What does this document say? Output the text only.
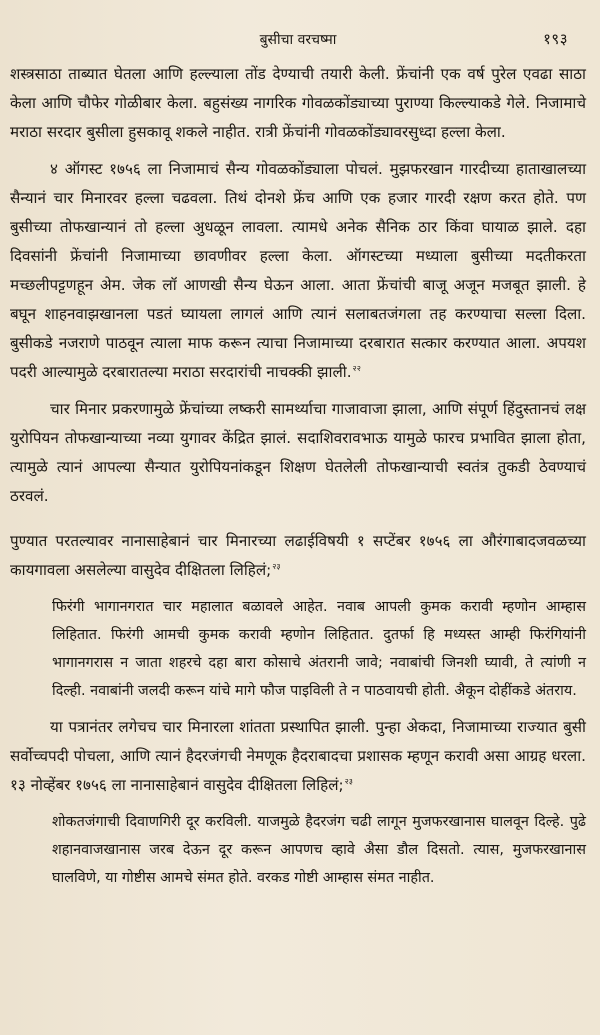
बुसीचा वरचष्मा	१९३

शस्त्रसाठा ताब्यात घेतला आणि हल्ल्याला तोंड देण्याची तयारी केली. फ्रेंचांनी एक वर्ष पुरेल एवढा साठा केला आणि चौफेर गोळीबार केला. बहुसंख्य नागरिक गोवळकोंड्याच्या पुराण्या किल्ल्याकडे गेले. निजामाचे मराठा सरदार बुसीला हुसकावू शकले नाहीत. रात्री फ्रेंचांनी गोवळकोंड्यावरसुध्दा हल्ला केला.

४ ऑगस्ट १७५६ ला निजामाचं सैन्य गोवळकोंड्याला पोचलं. मुझफरखान गारदीच्या हाताखालच्या सैन्यानं चार मिनारवर हल्ला चढवला. तिथं दोनशे फ्रेंच आणि एक हजार गारदी रक्षण करत होते. पण बुसीच्या तोफखान्यानं तो हल्ला अुधळून लावला. त्यामधे अनेक सैनिक ठार किंवा घायाळ झाले. दहा दिवसांनी फ्रेंचांनी निजामाच्या छावणीवर हल्ला केला. ऑगस्टच्या मध्याला बुसीच्या मदतीकरता मच्छलीपट्टणहून अेम. जेक लॉ आणखी सैन्य घेऊन आला. आता फ्रेंचांची बाजू अजून मजबूत झाली. हे बघून शाहनवाझखानला पडतं घ्यायला लागलं आणि त्यानं सलाबतजंगला तह करण्याचा सल्ला दिला. बुसीकडे नजराणे पाठवून त्याला माफ करून त्याचा निजामाच्या दरबारात सत्कार करण्यात आला. अपयश पदरी आल्यामुळे दरबारातल्या मराठा सरदारांची नाचक्की झाली.$^{२२}$

चार मिनार प्रकरणामुळे फ्रेंचांच्या लष्करी सामर्थ्याचा गाजावाजा झाला, आणि संपूर्ण हिंदुस्तानचं लक्ष युरोपियन तोफखान्याच्या नव्या युगावर केंद्रित झालं. सदाशिवरावभाऊ यामुळे फारच प्रभावित झाला होता, त्यामुळे त्यानं आपल्या सैन्यात युरोपियनांकडून शिक्षण घेतलेली तोफखान्याची स्वतंत्र तुकडी ठेवण्याचं ठरवलं.

पुण्यात परतल्यावर नानासाहेबानं चार मिनारच्या लढाईविषयी १ सप्टेंबर १७५६ ला औरंगाबादजवळच्या कायगावला असलेल्या वासुदेव दीक्षितला लिहिलं;$^{२३}$

फिरंगी भागानगरात चार महालात बळावले आहेत. नवाब आपली कुमक करावी म्हणोन आम्हास लिहितात. फिरंगी आमची कुमक करावी म्हणोन लिहितात. दुतर्फा हि मध्यस्त आम्ही फिरंगियांनी भागानगरास न जाता शहरचे दहा बारा कोसाचे अंतरानी जावे; नवाबांची जिनशी घ्यावी, ते त्यांणी न दिल्ही. नवाबांनी जलदी करून यांचे मागे फौज पाइविली ते न पाठवायची होती. अैकून दोहींकडे अंतराय.

या पत्रानंतर लगेचच चार मिनारला शांतता प्रस्थापित झाली. पुन्हा अेकदा, निजामाच्या राज्यात बुसी सर्वोच्चपदी पोचला, आणि त्यानं हैदरजंगची नेमणूक हैदराबादचा प्रशासक म्हणून करावी असा आग्रह धरला. १३ नोव्हेंबर १७५६ ला नानासाहेबानं वासुदेव दीक्षितला लिहिलं;$^{२३}$

शोकतजंगाची दिवाणगिरी दूर करविली. याजमुळे हैदरजंग चढी लागून मुजफरखानास घालवून दिल्हे. पुढे शहानवाजखानास जरब देऊन दूर करून आपणच व्हावे अैसा डौल दिसतो. त्यास, मुजफरखानास घालविणे, या गोष्टीस आमचे संमत होते. वरकड गोष्टी आम्हास संमत नाहीत.
